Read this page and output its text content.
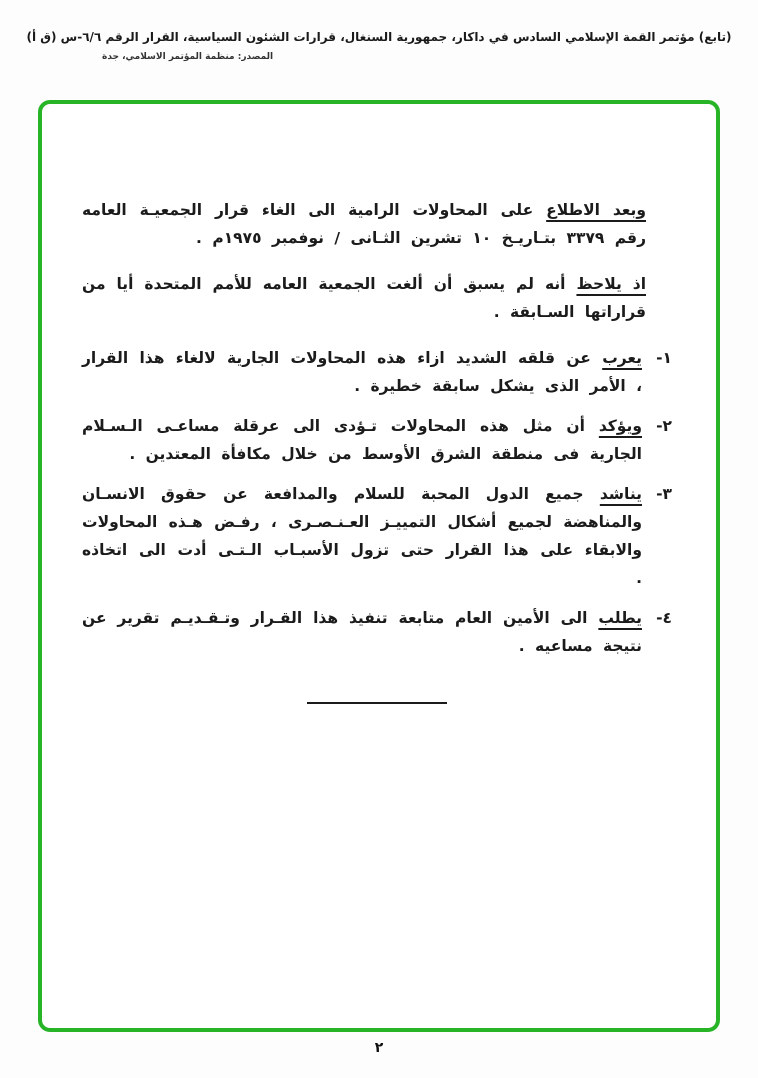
(تابع) مؤتمر القمة الإسلامي السادس في داكار، جمهورية السنغال، قرارات الشئون السياسية، القرار الرقم ٦/٦-س (ق أ)
المصدر: منظمة المؤتمر الاسلامي، جدة

وبعد الاطلاع على المحاولات الرامية الى الغاء قرار الجمعيـة العامه رقم ٣٣٧٩ بتـاريـخ ١٠ تشرين الثـانى / نوفمبر ١٩٧٥م .

اذ يلاحظ أنه لم يسبق أن ألغت الجمعية العامه للأمم المتحدة أيا من قراراتها السـابقة .

١-

يعرب عن قلقه الشديد ازاء هذه المحاولات الجارية لالغاء هذا القرار ، الأمر الذى يشكل سابقة خطيرة .

٢-

ويؤكد أن مثل هذه المحاولات تـؤدى الى عرقلة مساعـى الـسـلام الجارية فى منطقة الشرق الأوسط من خلال مكافأة المعتدين .

٣-

يناشد جميع الدول المحبة للسلام والمدافعة عن حقوق الانسـان والمناهضة لجميع أشكال التمييـز العـنـصـرى ، رفـض هـذه المحاولات والابقاء على هذا القرار حتى تزول الأسبـاب الـتـى أدت الى اتخاذه .

٤-

يطلب الى الأمين العام متابعة تنفيذ هذا القـرار وتـقـديـم تقرير عن نتيجة مساعيه .

٢
